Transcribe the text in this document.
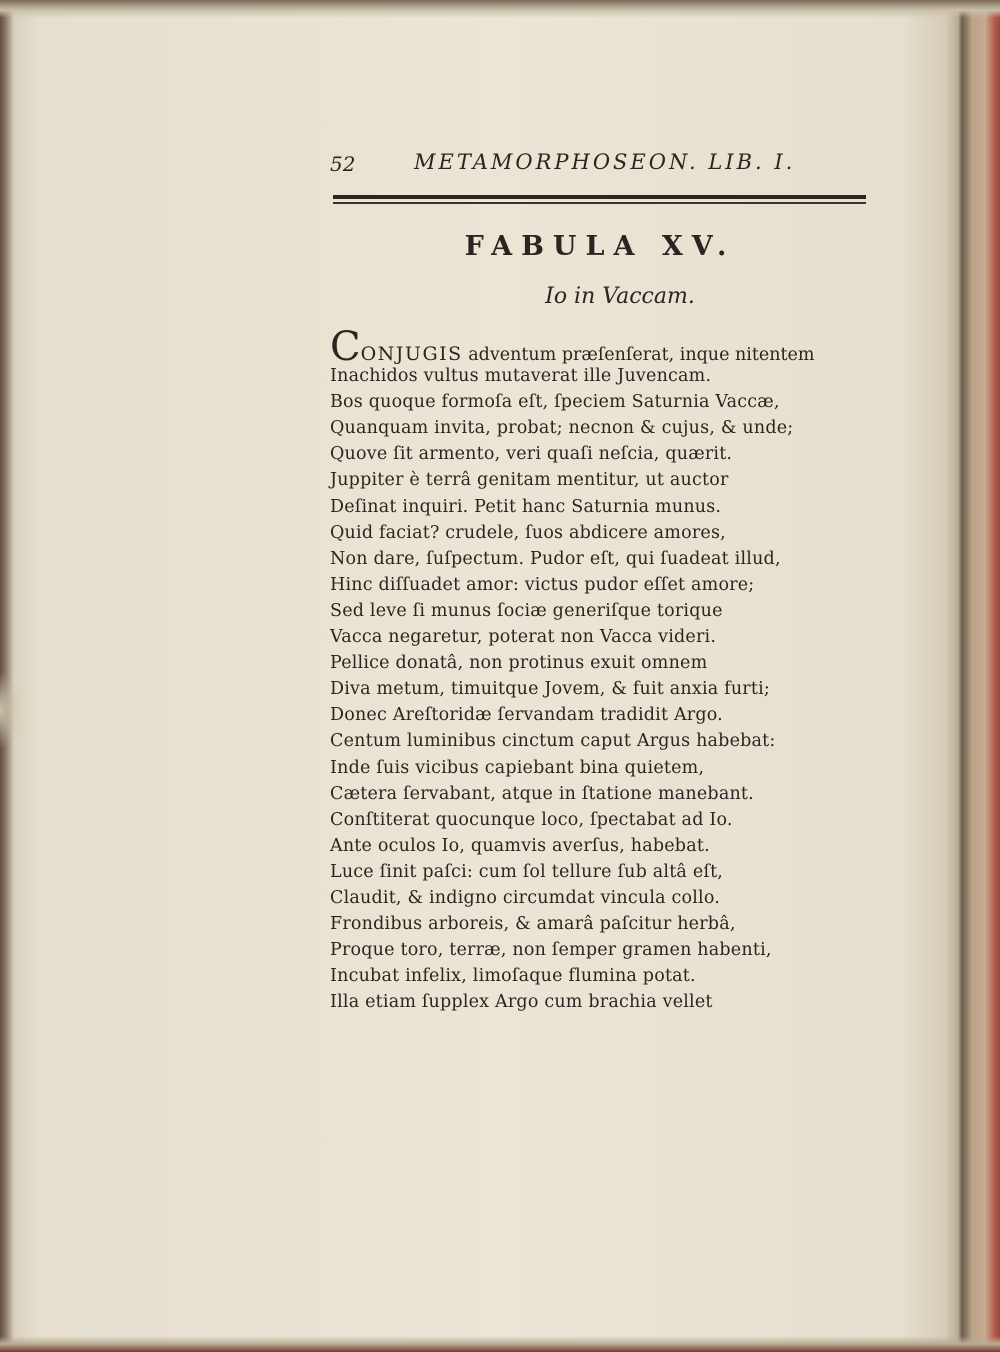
52	METAMORPHOSEON. LIB. I.
FABULA XV.
Io in Vaccam.
CONJUGIS adventum præſenſerat, inque nitentem
Inachidos vultus mutaverat ille Juvencam.
Bos quoque formoſa eſt, ſpeciem Saturnia Vaccæ,
Quanquam invita, probat; necnon & cujus, & unde;
Quove ſit armento, veri quaſi neſcia, quærit.
Juppiter è terrâ genitam mentitur, ut auctor
Deſinat inquiri. Petit hanc Saturnia munus.
Quid faciat? crudele, ſuos abdicere amores,
Non dare, ſuſpectum. Pudor eſt, qui ſuadeat illud,
Hinc diſſuadet amor: victus pudor eſſet amore;
Sed leve ſi munus ſociæ generiſque torique
Vacca negaretur, poterat non Vacca videri.
Pellice donatâ, non protinus exuit omnem
Diva metum, timuitque Jovem, & fuit anxia furti;
Donec Areſtoridæ ſervandam tradidit Argo.
Centum luminibus cinctum caput Argus habebat:
Inde ſuis vicibus capiebant bina quietem,
Cætera ſervabant, atque in ſtatione manebant.
Conſtiterat quocunque loco, ſpectabat ad Io.
Ante oculos Io, quamvis averſus, habebat.
Luce ſinit paſci: cum ſol tellure ſub altâ eſt,
Claudit, & indigno circumdat vincula collo.
Frondibus arboreis, & amarâ paſcitur herbâ,
Proque toro, terræ, non ſemper gramen habenti,
Incubat infelix, limoſaque flumina potat.
Illa etiam ſupplex Argo cum brachia vellet
